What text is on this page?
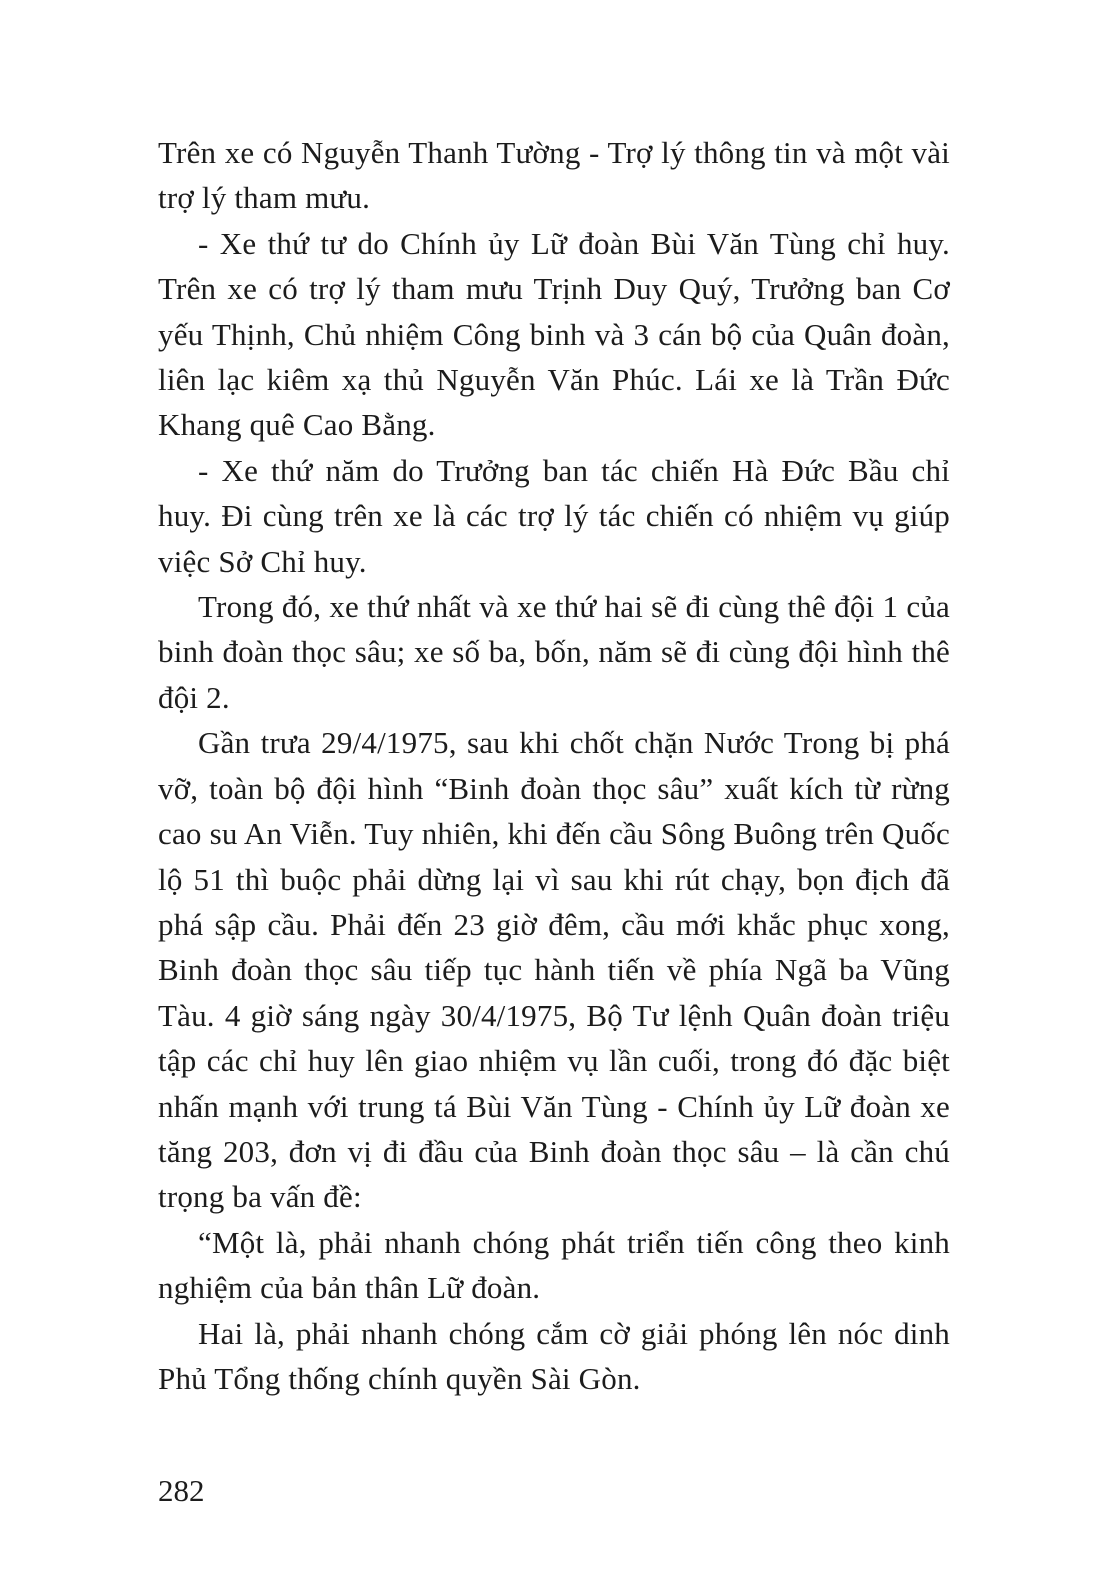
Trên xe có Nguyễn Thanh Tường - Trợ lý thông tin và một vài trợ lý tham mưu.

- Xe thứ tư do Chính ủy Lữ đoàn Bùi Văn Tùng chỉ huy. Trên xe có trợ lý tham mưu Trịnh Duy Quý, Trưởng ban Cơ yếu Thịnh, Chủ nhiệm Công binh và 3 cán bộ của Quân đoàn, liên lạc kiêm xạ thủ Nguyễn Văn Phúc. Lái xe là Trần Đức Khang quê Cao Bằng.

- Xe thứ năm do Trưởng ban tác chiến Hà Đức Bầu chỉ huy. Đi cùng trên xe là các trợ lý tác chiến có nhiệm vụ giúp việc Sở Chỉ huy.

Trong đó, xe thứ nhất và xe thứ hai sẽ đi cùng thê đội 1 của binh đoàn thọc sâu; xe số ba, bốn, năm sẽ đi cùng đội hình thê đội 2.

Gần trưa 29/4/1975, sau khi chốt chặn Nước Trong bị phá vỡ, toàn bộ đội hình “Binh đoàn thọc sâu” xuất kích từ rừng cao su An Viễn. Tuy nhiên, khi đến cầu Sông Buông trên Quốc lộ 51 thì buộc phải dừng lại vì sau khi rút chạy, bọn địch đã phá sập cầu. Phải đến 23 giờ đêm, cầu mới khắc phục xong, Binh đoàn thọc sâu tiếp tục hành tiến về phía Ngã ba Vũng Tàu. 4 giờ sáng ngày 30/4/1975, Bộ Tư lệnh Quân đoàn triệu tập các chỉ huy lên giao nhiệm vụ lần cuối, trong đó đặc biệt nhấn mạnh với trung tá Bùi Văn Tùng - Chính ủy Lữ đoàn xe tăng 203, đơn vị đi đầu của Binh đoàn thọc sâu – là cần chú trọng ba vấn đề:

“Một là, phải nhanh chóng phát triển tiến công theo kinh nghiệm của bản thân Lữ đoàn.

Hai là, phải nhanh chóng cắm cờ giải phóng lên nóc dinh Phủ Tổng thống chính quyền Sài Gòn.

282
